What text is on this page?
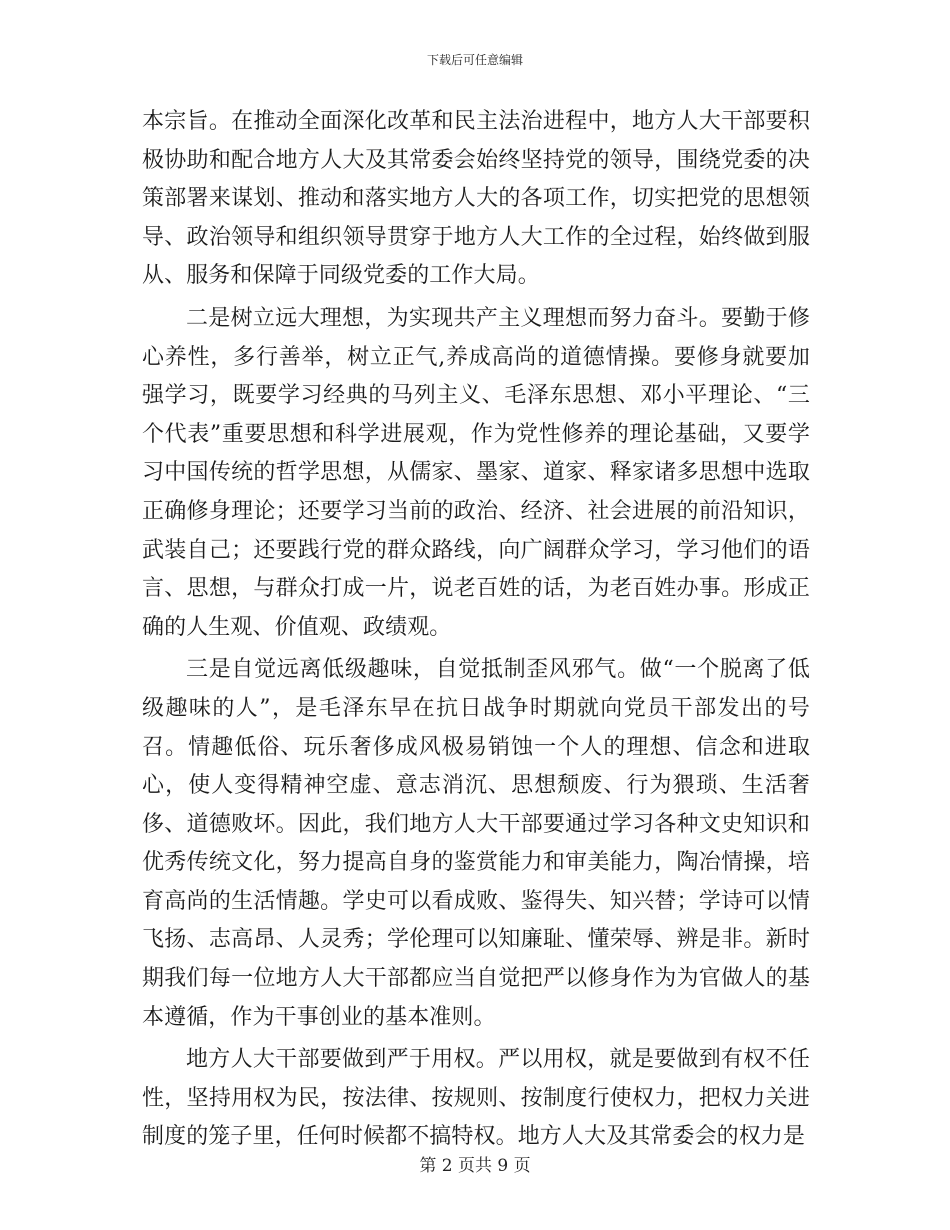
下载后可任意编辑

本宗旨。在推动全面深化改革和民主法治进程中，地方人大干部要积极协助和配合地方人大及其常委会始终坚持党的领导，围绕党委的决策部署来谋划、推动和落实地方人大的各项工作，切实把党的思想领导、政治领导和组织领导贯穿于地方人大工作的全过程，始终做到服从、服务和保障于同级党委的工作大局。

二是树立远大理想，为实现共产主义理想而努力奋斗。要勤于修心养性，多行善举，树立正气,养成高尚的道德情操。要修身就要加强学习，既要学习经典的马列主义、毛泽东思想、邓小平理论、“三个代表”重要思想和科学进展观，作为党性修养的理论基础，又要学习中国传统的哲学思想，从儒家、墨家、道家、释家诸多思想中选取正确修身理论；还要学习当前的政治、经济、社会进展的前沿知识，武装自己；还要践行党的群众路线，向广阔群众学习，学习他们的语言、思想，与群众打成一片，说老百姓的话，为老百姓办事。形成正确的人生观、价值观、政绩观。

三是自觉远离低级趣味，自觉抵制歪风邪气。做“一个脱离了低级趣味的人”，是毛泽东早在抗日战争时期就向党员干部发出的号召。情趣低俗、玩乐奢侈成风极易销蚀一个人的理想、信念和进取心，使人变得精神空虚、意志消沉、思想颓废、行为猥琐、生活奢侈、道德败坏。因此，我们地方人大干部要通过学习各种文史知识和优秀传统文化，努力提高自身的鉴赏能力和审美能力，陶冶情操，培育高尚的生活情趣。学史可以看成败、鉴得失、知兴替；学诗可以情飞扬、志高昂、人灵秀；学伦理可以知廉耻、懂荣辱、辨是非。新时期我们每一位地方人大干部都应当自觉把严以修身作为为官做人的基本遵循，作为干事创业的基本准则。

地方人大干部要做到严于用权。严以用权，就是要做到有权不任性，坚持用权为民，按法律、按规则、按制度行使权力，把权力关进制度的笼子里，任何时候都不搞特权。地方人大及其常委会的权力是

第 2 页共 9 页
